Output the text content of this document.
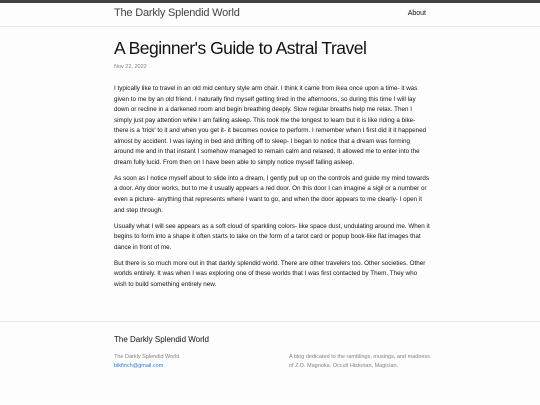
The Darkly Splendid World	About
A Beginner's Guide to Astral Travel
Nov 22, 2022

I typically like to travel in an old mid century style arm chair. I think it came from ikea once upon a time- it was given to me by an old friend. I naturally find myself getting tired in the afternoons, so during this time I will lay down or recline in a darkened room and begin breathing deeply. Slow regular breaths help me relax. Then I simply just pay attention while I am falling asleep. This took me the longest to learn but it is like riding a bike- there is a 'trick' to it and when you get it- it becomes novice to perform. I remember when I first did it it happened almost by accident. I was laying in bed and drifting off to sleep- I began to notice that a dream was forming around me and in that instant I somehow managed to remain calm and relaxed. It allowed me to enter into the dream fully lucid. From then on I have been able to simply notice myself falling asleep.

As soon as I notice myself about to slide into a dream, I gently pull up on the controls and guide my mind towards a door. Any door works, but to me it usually appears a red door. On this door I can imagine a sigil or a number or even a picture- anything that represents where I want to go, and when the door appears to me clearly- I open it and step through.

Usually what I will see appears as a soft cloud of sparkling colors- like space dust, undulating around me. When it begins to form into a shape it often starts to take on the form of a tarot card or popup book-like flat images that dance in front of me.

But there is so much more out in that darkly splendid world. There are other travelers too. Other societies. Other worlds entirely. It was when I was exploring one of these worlds that I was first contacted by Them. They who wish to build something entirely new.

The Darkly Splendid World
The Darkly Splendid World
blkfinch@gmail.com
A blog dedicated to the ramblings, musings, and madness of Z.D. Magnoka. Occult Historian, Magician.
